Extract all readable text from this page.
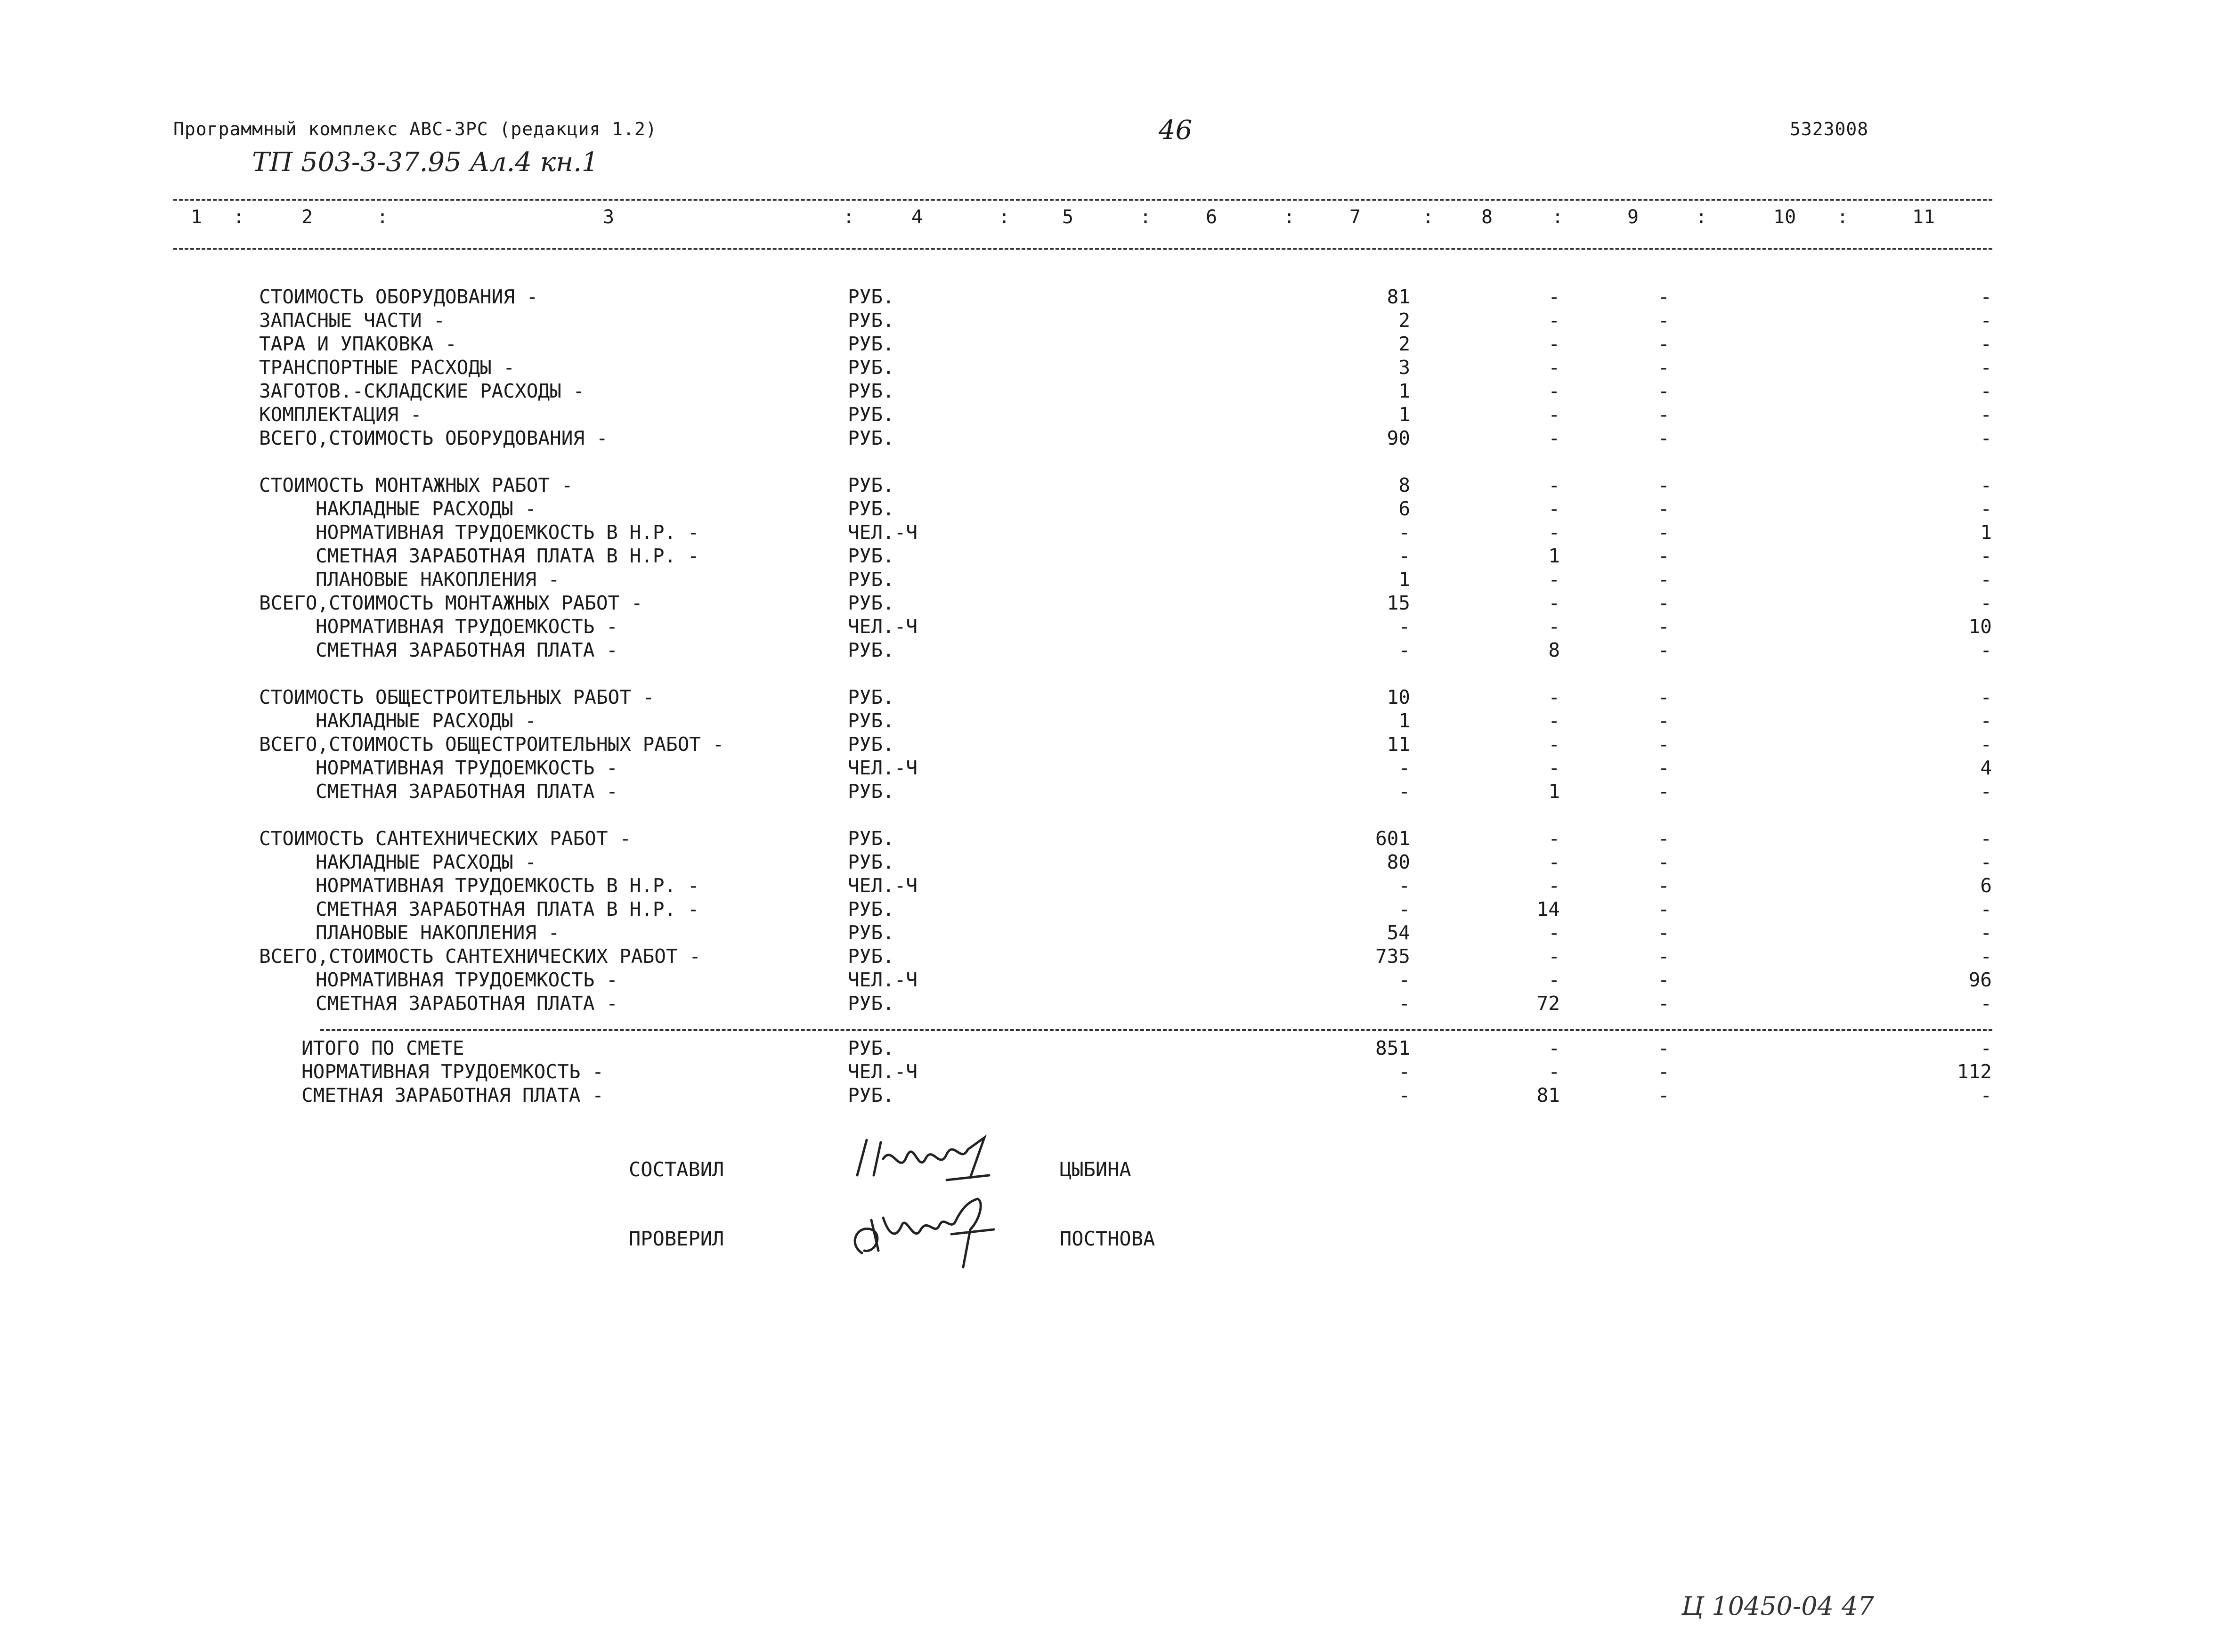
Программный комплекс АВС-3РС (редакция 1.2)
ТП 503-3-37.95 Ал.4 кн.1
46	5323008
1	2	3	4	5	6	7	8	9	10	11
:	:	:	:	:	:	:	:	:	:
СТОИМОСТЬ ОБОРУДОВАНИЯ -	РУБ.	81	-	-	-
ЗАПАСНЫЕ ЧАСТИ -	РУБ.	2	-	-	-
ТАРА И УПАКОВКА -	РУБ.	2	-	-	-
ТРАНСПОРТНЫЕ РАСХОДЫ -	РУБ.	3	-	-	-
ЗАГОТОВ.-СКЛАДСКИЕ РАСХОДЫ -	РУБ.	1	-	-	-
КОМПЛЕКТАЦИЯ -	РУБ.	1	-	-	-
ВСЕГО,СТОИМОСТЬ ОБОРУДОВАНИЯ -	РУБ.	90	-	-	-
СТОИМОСТЬ МОНТАЖНЫХ РАБОТ -	РУБ.	8	-	-	-
НАКЛАДНЫЕ РАСХОДЫ -	РУБ.	6	-	-	-
НОРМАТИВНАЯ ТРУДОЕМКОСТЬ В Н.Р. -	ЧЕЛ.-Ч	-	-	-	1
СМЕТНАЯ ЗАРАБОТНАЯ ПЛАТА В Н.Р. -	РУБ.	-	1	-	-
ПЛАНОВЫЕ НАКОПЛЕНИЯ -	РУБ.	1	-	-	-
ВСЕГО,СТОИМОСТЬ МОНТАЖНЫХ РАБОТ -	РУБ.	15	-	-	-
НОРМАТИВНАЯ ТРУДОЕМКОСТЬ -	ЧЕЛ.-Ч	-	-	-	10
СМЕТНАЯ ЗАРАБОТНАЯ ПЛАТА -	РУБ.	-	8	-	-
СТОИМОСТЬ ОБЩЕСТРОИТЕЛЬНЫХ РАБОТ -	РУБ.	10	-	-	-
НАКЛАДНЫЕ РАСХОДЫ -	РУБ.	1	-	-	-
ВСЕГО,СТОИМОСТЬ ОБЩЕСТРОИТЕЛЬНЫХ РАБОТ -	РУБ.	11	-	-	-
НОРМАТИВНАЯ ТРУДОЕМКОСТЬ -	ЧЕЛ.-Ч	-	-	-	4
СМЕТНАЯ ЗАРАБОТНАЯ ПЛАТА -	РУБ.	-	1	-	-
СТОИМОСТЬ САНТЕХНИЧЕСКИХ РАБОТ -	РУБ.	601	-	-	-
НАКЛАДНЫЕ РАСХОДЫ -	РУБ.	80	-	-	-
НОРМАТИВНАЯ ТРУДОЕМКОСТЬ В Н.Р. -	ЧЕЛ.-Ч	-	-	-	6
СМЕТНАЯ ЗАРАБОТНАЯ ПЛАТА В Н.Р. -	РУБ.	-	14	-	-
ПЛАНОВЫЕ НАКОПЛЕНИЯ -	РУБ.	54	-	-	-
ВСЕГО,СТОИМОСТЬ САНТЕХНИЧЕСКИХ РАБОТ -	РУБ.	735	-	-	-
НОРМАТИВНАЯ ТРУДОЕМКОСТЬ -	ЧЕЛ.-Ч	-	-	-	96
СМЕТНАЯ ЗАРАБОТНАЯ ПЛАТА -	РУБ.	-	72	-	-
ИТОГО ПО СМЕТЕ	РУБ.	851	-	-	-
НОРМАТИВНАЯ ТРУДОЕМКОСТЬ -	ЧЕЛ.-Ч	-	-	-	112
СМЕТНАЯ ЗАРАБОТНАЯ ПЛАТА -	РУБ.	-	81	-	-
СОСТАВИЛ	ЦЫБИНА
ПРОВЕРИЛ	ПОСТНОВА
Ц 10450-04 47
